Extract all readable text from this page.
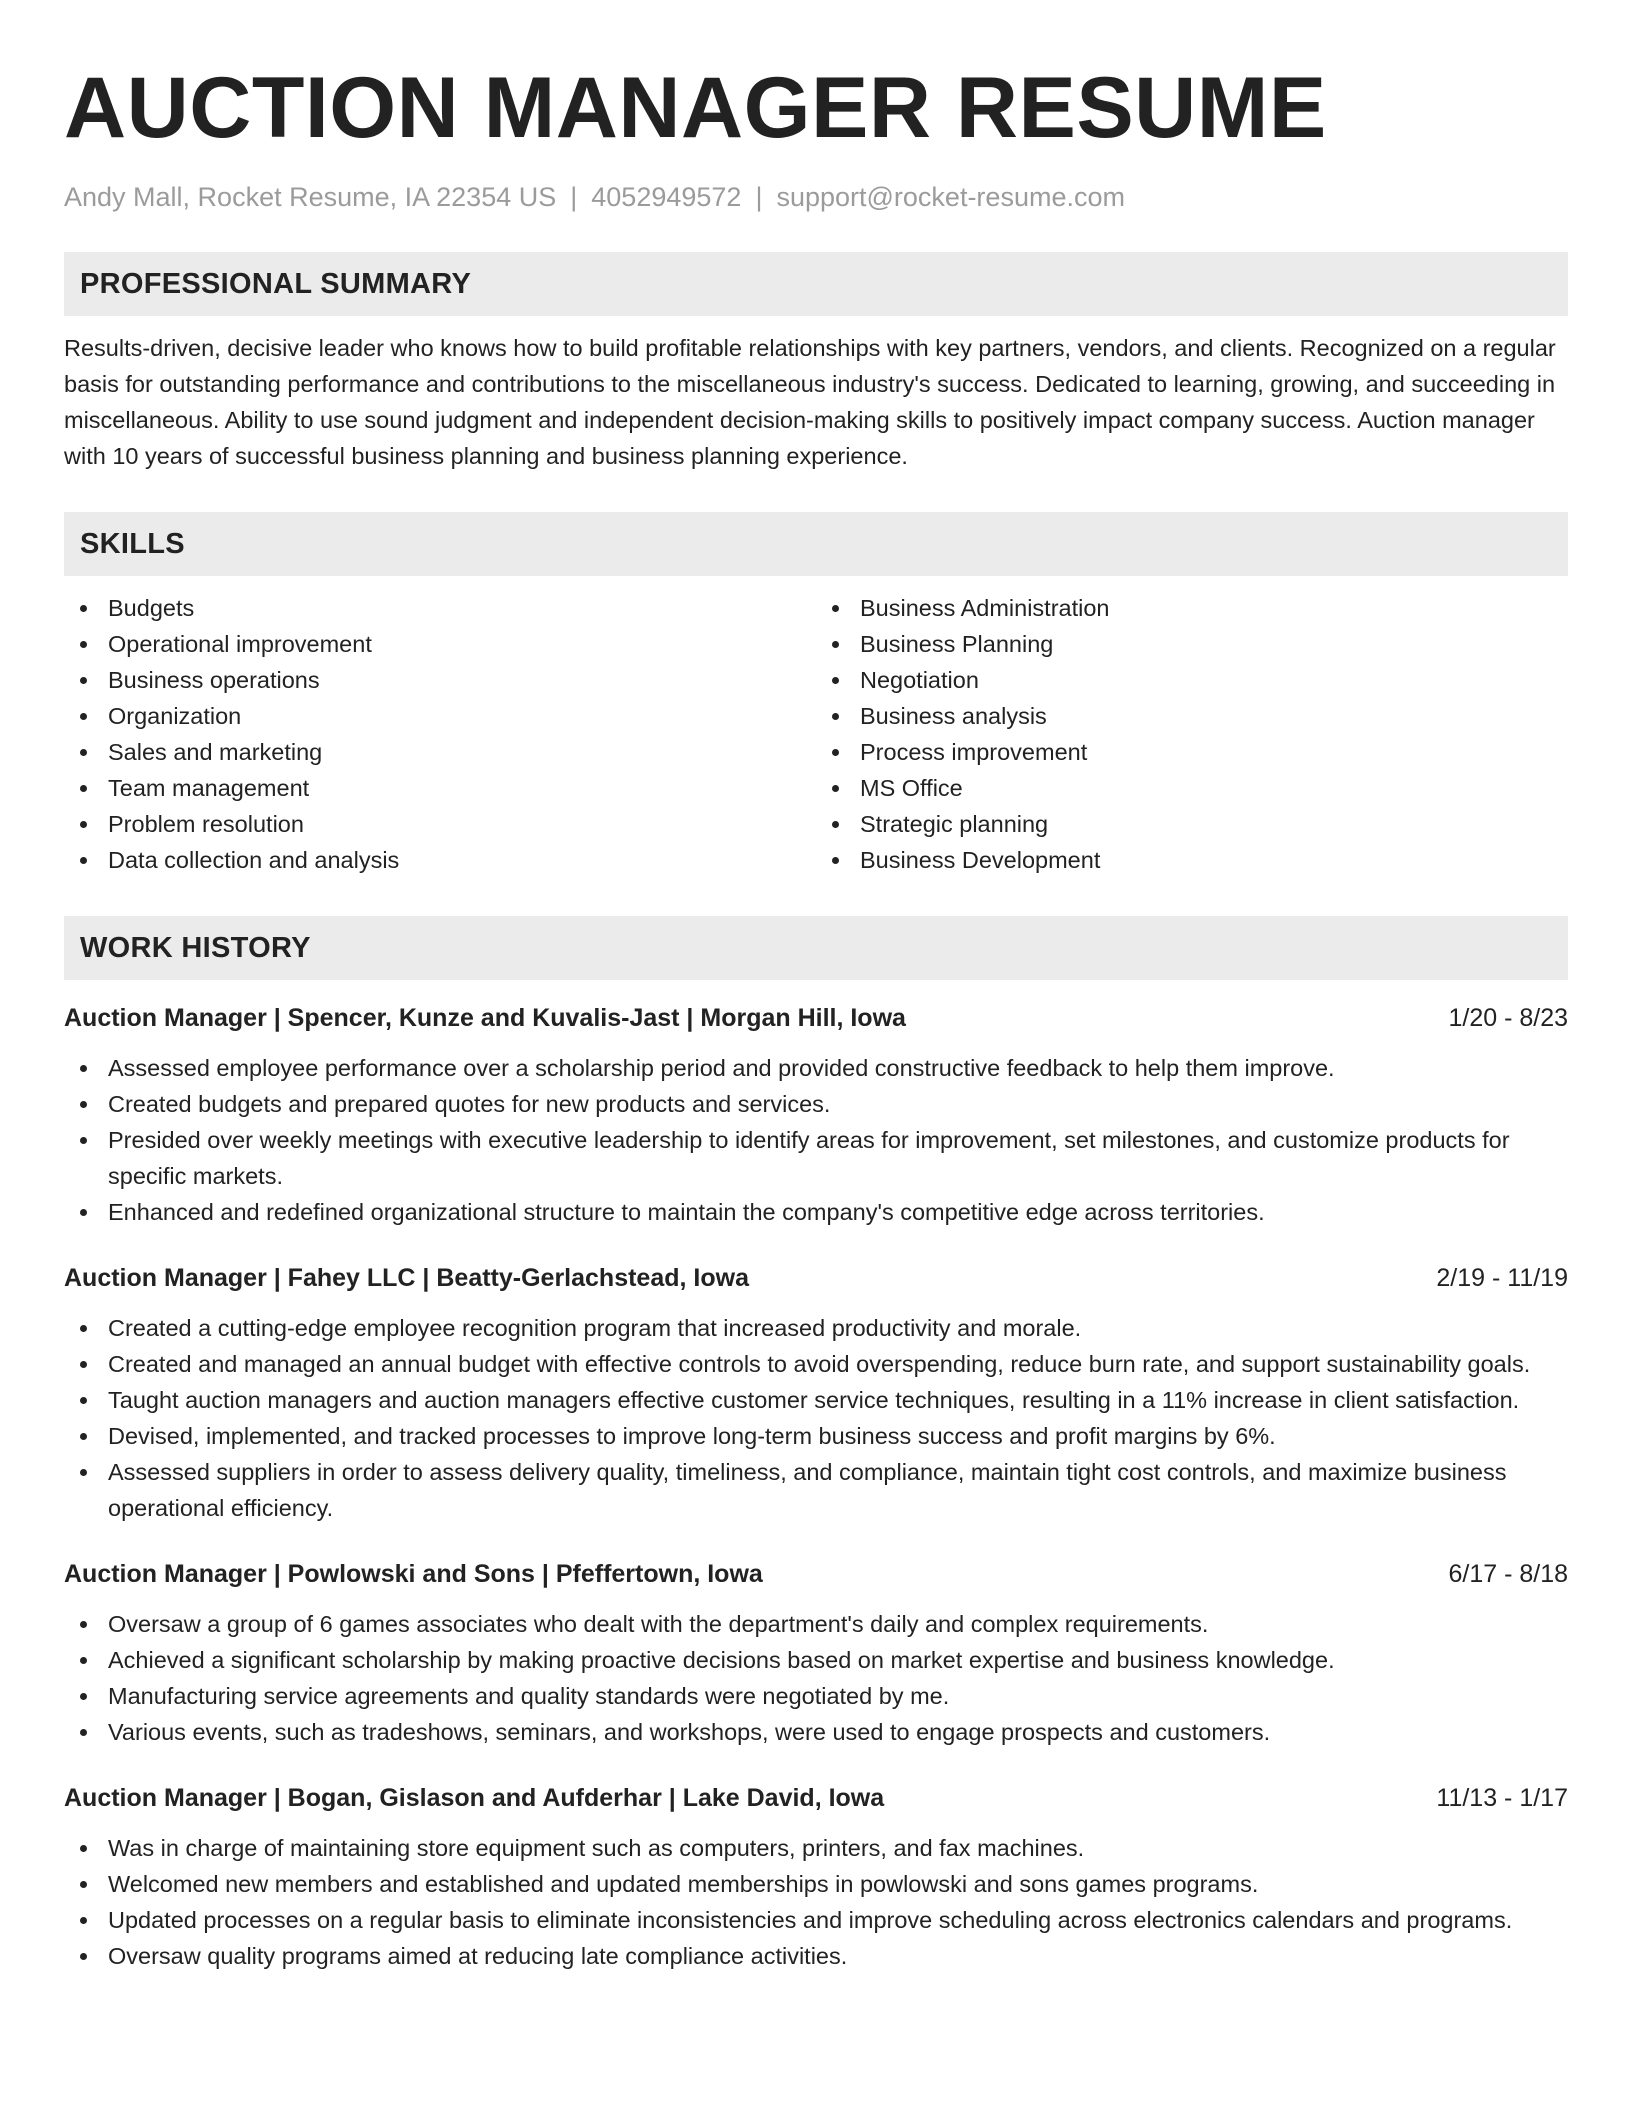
AUCTION MANAGER RESUME
Andy Mall, Rocket Resume, IA 22354 US | 4052949572 | support@rocket-resume.com
PROFESSIONAL SUMMARY

Results-driven, decisive leader who knows how to build profitable relationships with key partners, vendors, and clients. Recognized on a regular basis for outstanding performance and contributions to the miscellaneous industry's success. Dedicated to learning, growing, and succeeding in miscellaneous. Ability to use sound judgment and independent decision-making skills to positively impact company success. Auction manager with 10 years of successful business planning and business planning experience.

SKILLS
Budgets
Operational improvement
Business operations
Organization
Sales and marketing
Team management
Problem resolution
Data collection and analysis
Business Administration
Business Planning
Negotiation
Business analysis
Process improvement
MS Office
Strategic planning
Business Development
WORK HISTORY
Auction Manager | Spencer, Kunze and Kuvalis-Jast | Morgan Hill, Iowa	1/20 - 8/23
Assessed employee performance over a scholarship period and provided constructive feedback to help them improve.
Created budgets and prepared quotes for new products and services.
Presided over weekly meetings with executive leadership to identify areas for improvement, set milestones, and customize products for specific markets.
Enhanced and redefined organizational structure to maintain the company's competitive edge across territories.
Auction Manager | Fahey LLC | Beatty-Gerlachstead, Iowa	2/19 - 11/19
Created a cutting-edge employee recognition program that increased productivity and morale.
Created and managed an annual budget with effective controls to avoid overspending, reduce burn rate, and support sustainability goals.
Taught auction managers and auction managers effective customer service techniques, resulting in a 11% increase in client satisfaction.
Devised, implemented, and tracked processes to improve long-term business success and profit margins by 6%.
Assessed suppliers in order to assess delivery quality, timeliness, and compliance, maintain tight cost controls, and maximize business operational efficiency.
Auction Manager | Powlowski and Sons | Pfeffertown, Iowa	6/17 - 8/18
Oversaw a group of 6 games associates who dealt with the department's daily and complex requirements.
Achieved a significant scholarship by making proactive decisions based on market expertise and business knowledge.
Manufacturing service agreements and quality standards were negotiated by me.
Various events, such as tradeshows, seminars, and workshops, were used to engage prospects and customers.
Auction Manager | Bogan, Gislason and Aufderhar | Lake David, Iowa	11/13 - 1/17
Was in charge of maintaining store equipment such as computers, printers, and fax machines.
Welcomed new members and established and updated memberships in powlowski and sons games programs.
Updated processes on a regular basis to eliminate inconsistencies and improve scheduling across electronics calendars and programs.
Oversaw quality programs aimed at reducing late compliance activities.
